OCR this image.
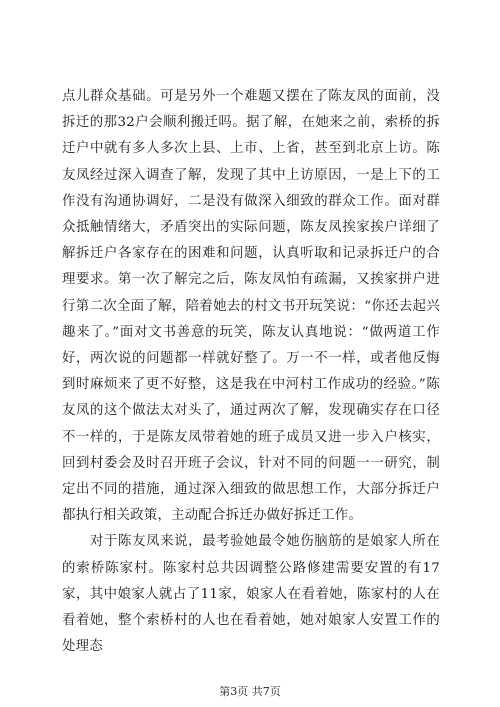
点儿群众基础。可是另外一个难题又摆在了陈友凤的面前，没拆迁的那32户会顺利搬迁吗。据了解，在她来之前，索桥的拆迁户中就有多人多次上县、上市、上省，甚至到北京上访。陈友凤经过深入调查了解，发现了其中上访原因，一是上下的工作没有沟通协调好，二是没有做深入细致的群众工作。面对群众抵触情绪大，矛盾突出的实际问题，陈友凤挨家挨户详细了解拆迁户各家存在的困难和问题，认真听取和记录拆迁户的合理要求。第一次了解完之后，陈友凤怕有疏漏，又挨家拼户进行第二次全面了解，陪着她去的村文书开玩笑说：“你还去起兴趣来了。”面对文书善意的玩笑，陈友认真地说：“做两道工作好，两次说的问题都一样就好整了。万一不一样，或者他反悔到时麻烦来了更不好整，这是我在中河村工作成功的经验。”陈友凤的这个做法太对头了，通过两次了解，发现确实存在口径不一样的，于是陈友凤带着她的班子成员又进一步入户核实，回到村委会及时召开班子会议，针对不同的问题一一研究，制定出不同的措施，通过深入细致的做思想工作，大部分拆迁户都执行相关政策，主动配合拆迁办做好拆迁工作。

　　对于陈友凤来说，最考验她最令她伤脑筋的是娘家人所在的索桥陈家村。陈家村总共因调整公路修建需要安置的有17家，其中娘家人就占了11家，娘家人在看着她，陈家村的人在看着她，整个索桥村的人也在看着她，她对娘家人安置工作的处理态

第3页 共7页
